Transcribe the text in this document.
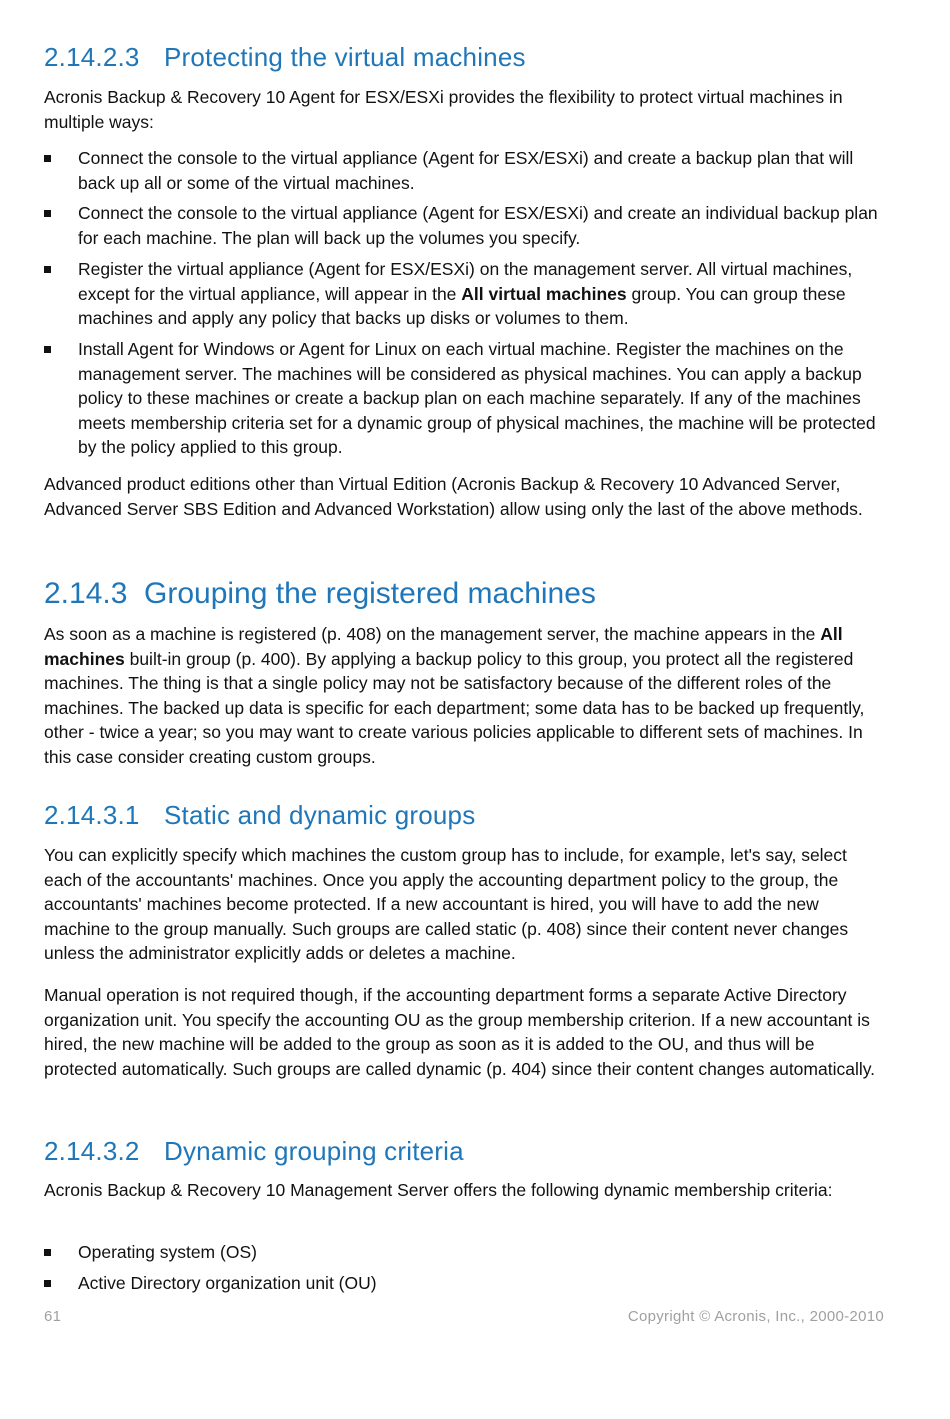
2.14.2.3 Protecting the virtual machines
Acronis Backup & Recovery 10 Agent for ESX/ESXi provides the flexibility to protect virtual machines in multiple ways:
Connect the console to the virtual appliance (Agent for ESX/ESXi) and create a backup plan that will back up all or some of the virtual machines.
Connect the console to the virtual appliance (Agent for ESX/ESXi) and create an individual backup plan for each machine. The plan will back up the volumes you specify.
Register the virtual appliance (Agent for ESX/ESXi) on the management server. All virtual machines, except for the virtual appliance, will appear in the All virtual machines group. You can group these machines and apply any policy that backs up disks or volumes to them.
Install Agent for Windows or Agent for Linux on each virtual machine. Register the machines on the management server. The machines will be considered as physical machines. You can apply a backup policy to these machines or create a backup plan on each machine separately. If any of the machines meets membership criteria set for a dynamic group of physical machines, the machine will be protected by the policy applied to this group.
Advanced product editions other than Virtual Edition (Acronis Backup & Recovery 10 Advanced Server, Advanced Server SBS Edition and Advanced Workstation) allow using only the last of the above methods.
2.14.3 Grouping the registered machines
As soon as a machine is registered (p. 408) on the management server, the machine appears in the All machines built-in group (p. 400). By applying a backup policy to this group, you protect all the registered machines. The thing is that a single policy may not be satisfactory because of the different roles of the machines. The backed up data is specific for each department; some data has to be backed up frequently, other - twice a year; so you may want to create various policies applicable to different sets of machines. In this case consider creating custom groups.
2.14.3.1 Static and dynamic groups
You can explicitly specify which machines the custom group has to include, for example, let's say, select each of the accountants' machines. Once you apply the accounting department policy to the group, the accountants' machines become protected. If a new accountant is hired, you will have to add the new machine to the group manually. Such groups are called static (p. 408) since their content never changes unless the administrator explicitly adds or deletes a machine.
Manual operation is not required though, if the accounting department forms a separate Active Directory organization unit. You specify the accounting OU as the group membership criterion. If a new accountant is hired, the new machine will be added to the group as soon as it is added to the OU, and thus will be protected automatically. Such groups are called dynamic (p. 404) since their content changes automatically.
2.14.3.2 Dynamic grouping criteria
Acronis Backup & Recovery 10 Management Server offers the following dynamic membership criteria:
Operating system (OS)
Active Directory organization unit (OU)
61	Copyright © Acronis, Inc., 2000-2010
